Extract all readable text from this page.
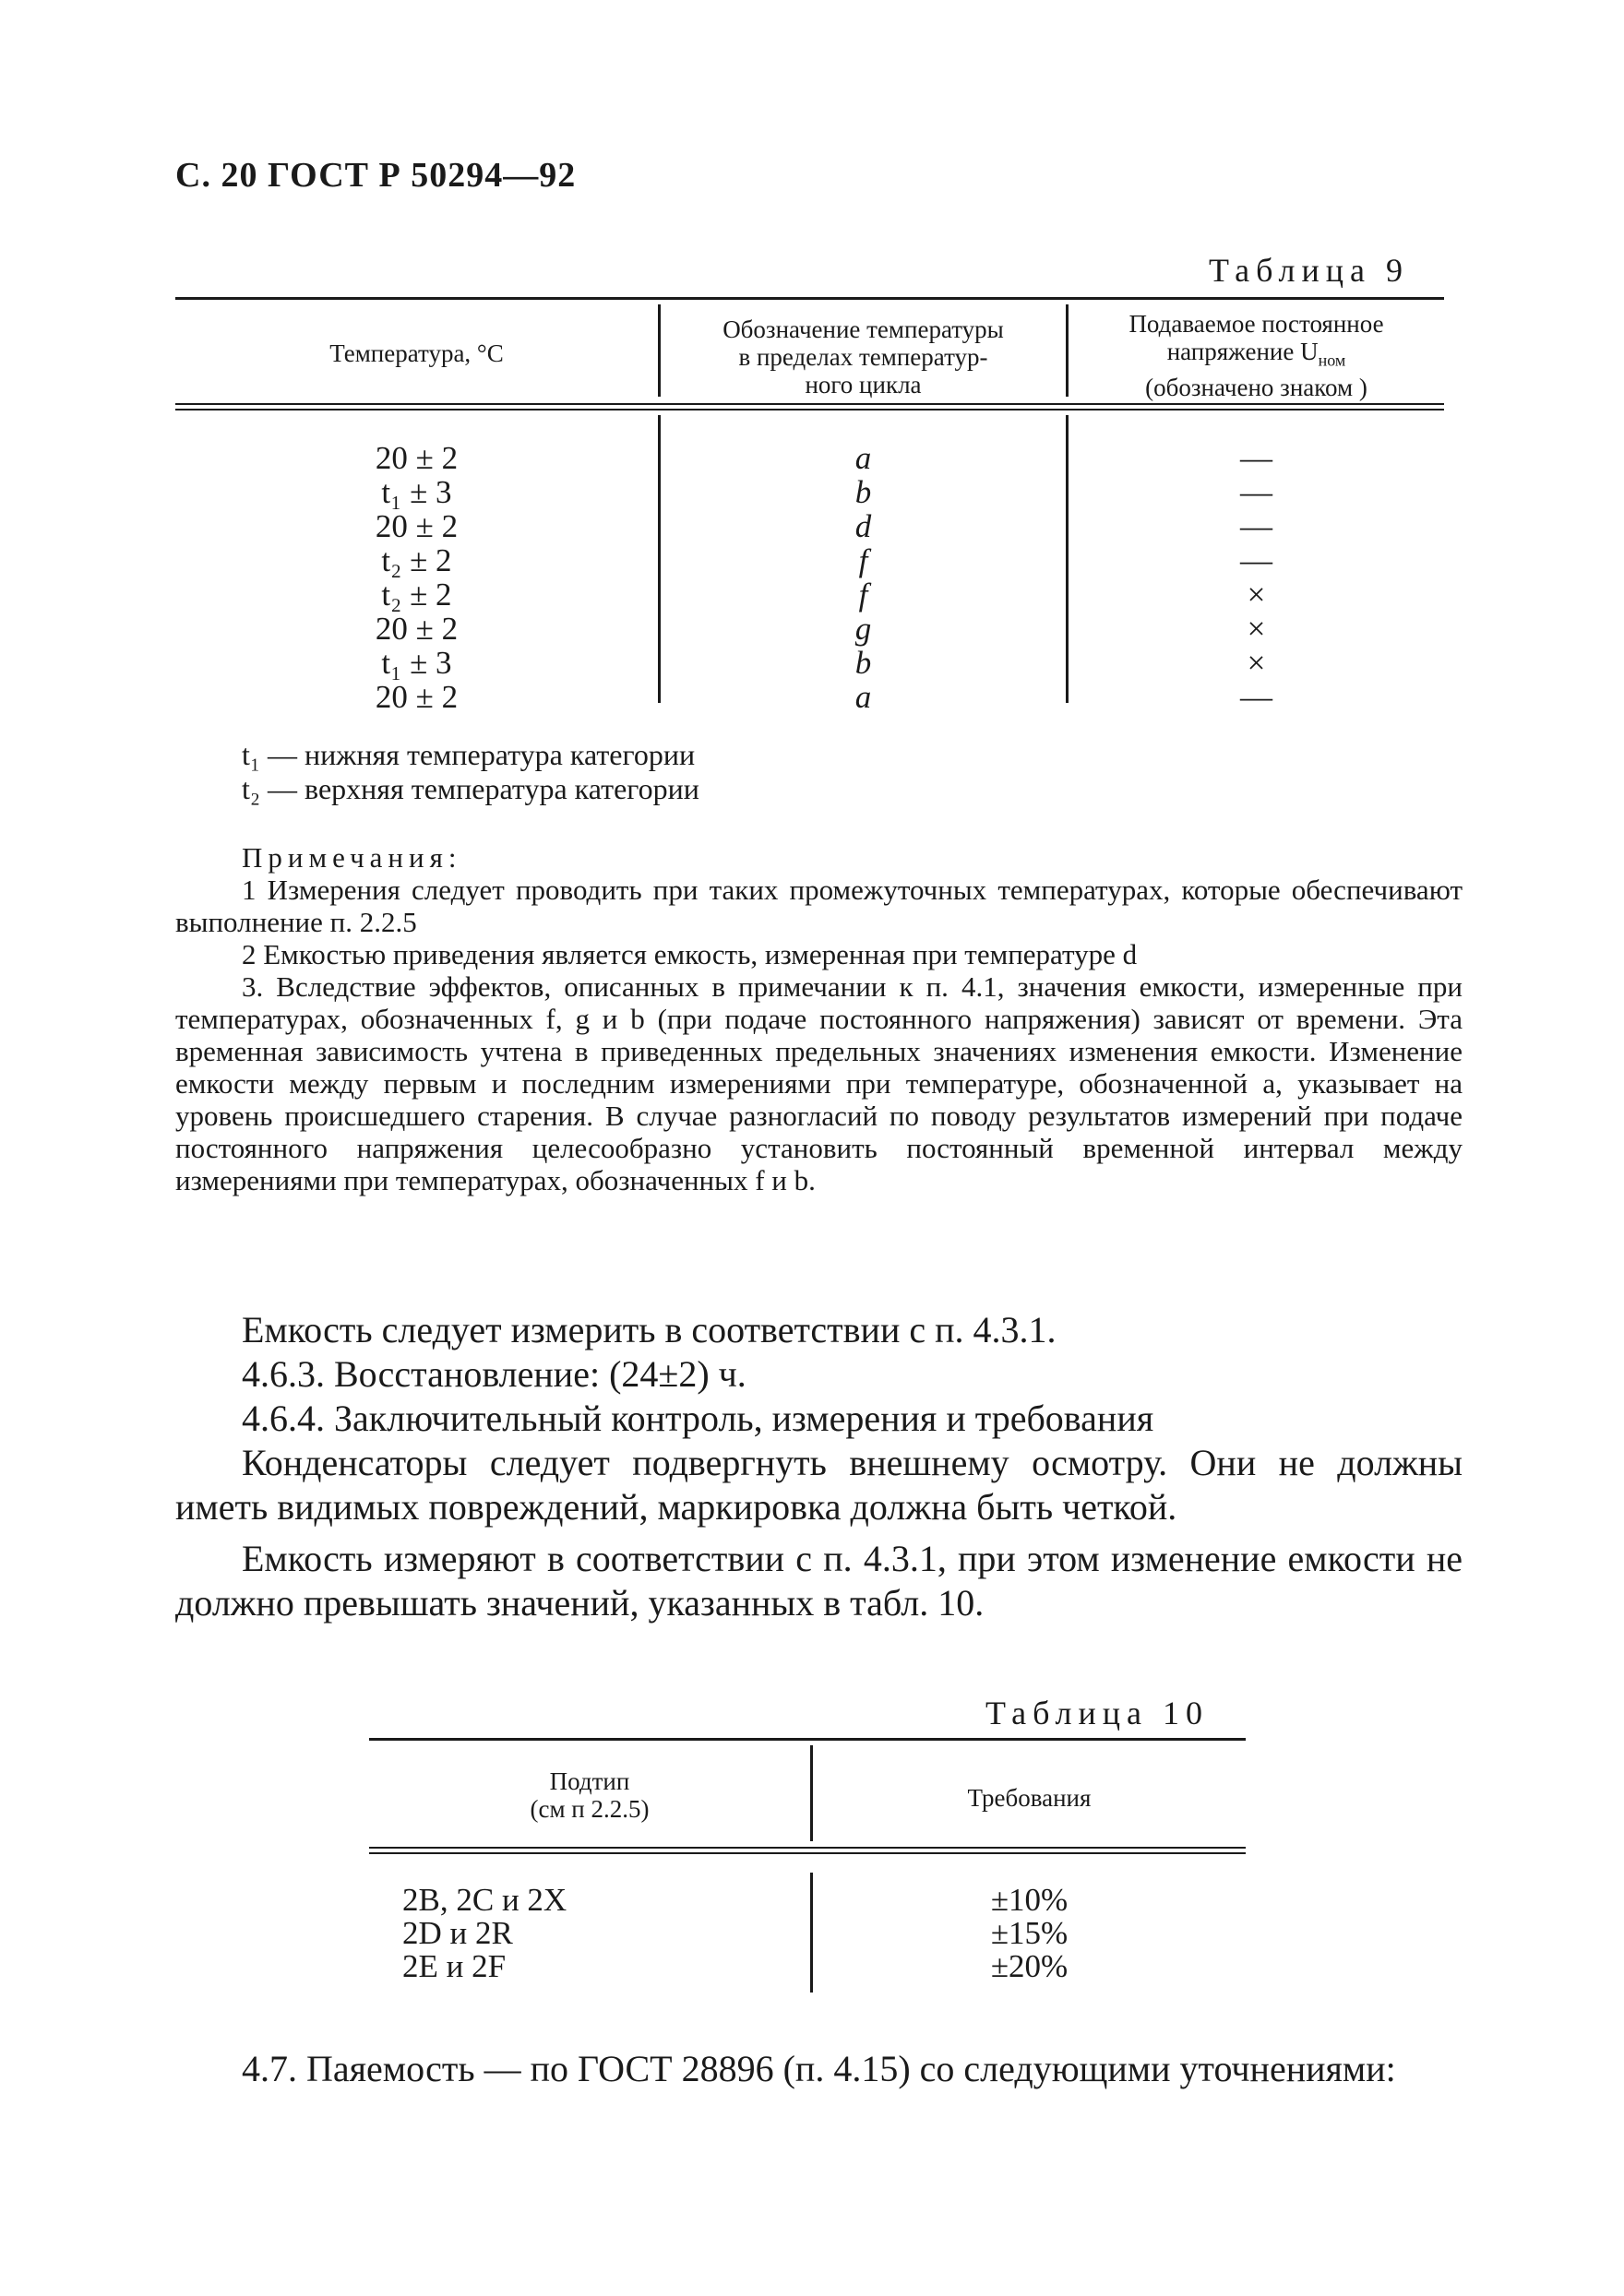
С. 20 ГОСТ Р 50294—92
Таблица 9
Температура, °С
Обозначение температуры
в пределах температур-
ного цикла
Подаваемое постоянное
напряжение $U_{ном}$
(обозначено знаком )
20 ± 2
t₁ ± 3
20 ± 2
t₂ ± 2
t₂ ± 2
20 ± 2
t₁ ± 3
20 ± 2
a
b
d
f
f
g
b
a
—
—
—
—
×
×
×
—
t₁ — нижняя температура категории
t₂ — верхняя температура категории

Примечания:

1 Измерения следует проводить при таких промежуточных температурах, которые обеспечивают выполнение п. 2.2.5

2 Емкостью приведения является емкость, измеренная при температуре d

3. Вследствие эффектов, описанных в примечании к п. 4.1, значения емкости, измеренные при температурах, обозначенных f, g и b (при подаче постоянного напряжения) зависят от времени. Эта временная зависимость учтена в приведенных предельных значениях изменения емкости. Изменение емкости между первым и последним измерениями при температуре, обозначенной a, указывает на уровень происшедшего старения. В случае разногласий по поводу результатов измерений при подаче постоянного напряжения целесообразно установить постоянный временной интервал между измерениями при температурах, обозначенных f и b.

Емкость следует измерить в соответствии с п. 4.3.1.

4.6.3. Восстановление: (24±2) ч.

4.6.4. Заключительный контроль, измерения и требования

Конденсаторы следует подвергнуть внешнему осмотру. Они не должны иметь видимых повреждений, маркировка должна быть четкой.

Емкость измеряют в соответствии с п. 4.3.1, при этом изменение емкости не должно превышать значений, указанных в табл. 10.

Таблица 10
Подтип
(см п 2.2.5)	Требования
2B, 2C и 2X
2D и 2R
2E и 2F
±10%
±15%
±20%

4.7. Паяемость — по ГОСТ 28896 (п. 4.15) со следующими уточнениями:
